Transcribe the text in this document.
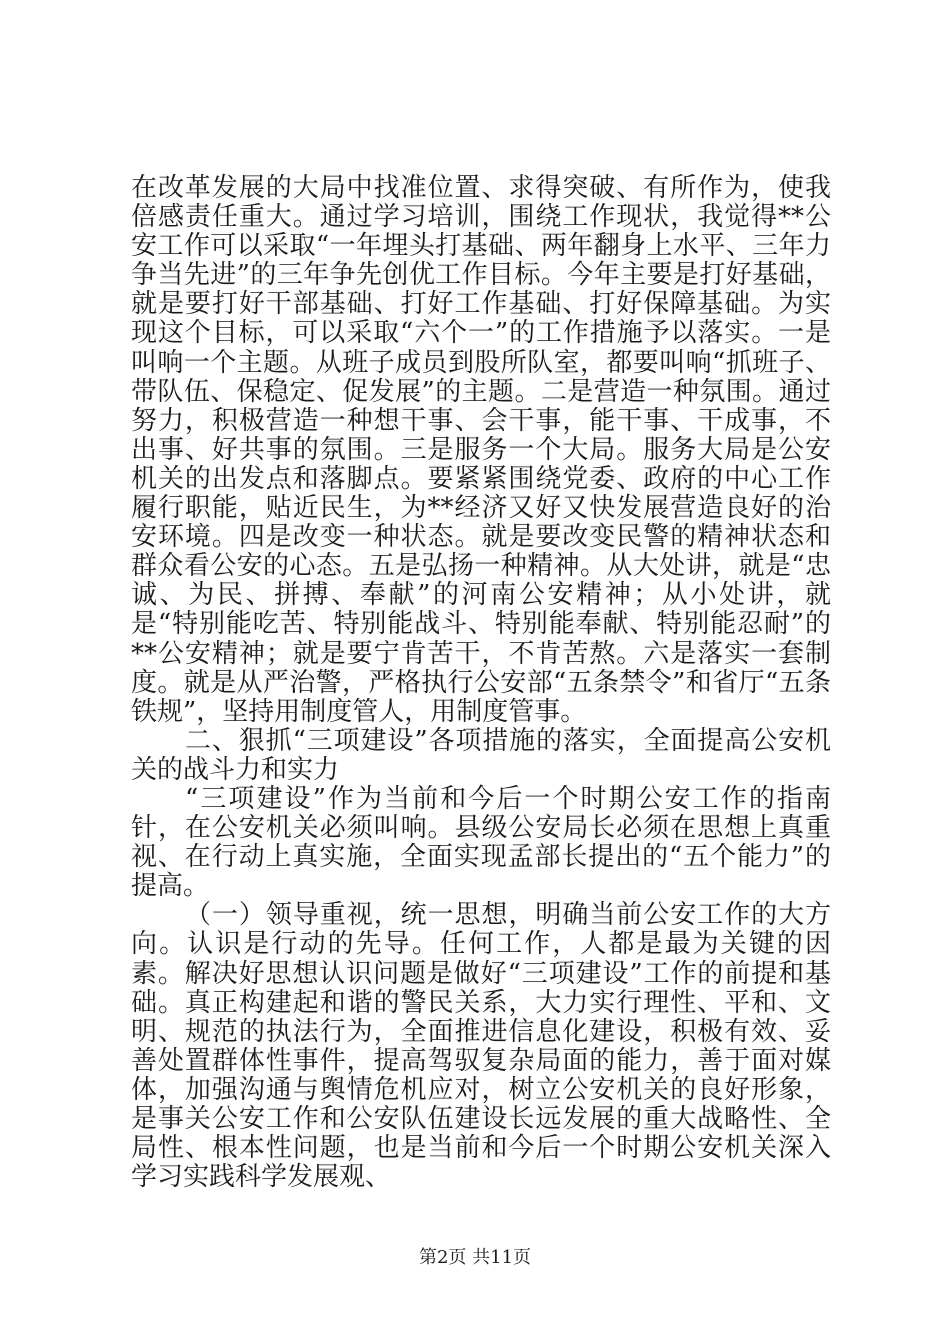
在改革发展的大局中找准位置、求得突破、有所作为，使我倍感责任重大。通过学习培训，围绕工作现状，我觉得**公安工作可以采取“一年埋头打基础、两年翻身上水平、三年力争当先进”的三年争先创优工作目标。今年主要是打好基础，就是要打好干部基础、打好工作基础、打好保障基础。为实现这个目标，可以采取“六个一”的工作措施予以落实。一是叫响一个主题。从班子成员到股所队室，都要叫响“抓班子、带队伍、保稳定、促发展”的主题。二是营造一种氛围。通过努力，积极营造一种想干事、会干事，能干事、干成事，不出事、好共事的氛围。三是服务一个大局。服务大局是公安机关的出发点和落脚点。要紧紧围绕党委、政府的中心工作履行职能，贴近民生，为**经济又好又快发展营造良好的治安环境。四是改变一种状态。就是要改变民警的精神状态和群众看公安的心态。五是弘扬一种精神。从大处讲，就是“忠诚、为民、拼搏、奉献”的河南公安精神；从小处讲，就是“特别能吃苦、特别能战斗、特别能奉献、特别能忍耐”的**公安精神；就是要宁肯苦干，不肯苦熬。六是落实一套制度。就是从严治警，严格执行公安部“五条禁令”和省厅“五条铁规”，坚持用制度管人，用制度管事。

二、狠抓“三项建设”各项措施的落实，全面提高公安机关的战斗力和实力

“三项建设”作为当前和今后一个时期公安工作的指南针，在公安机关必须叫响。县级公安局长必须在思想上真重视、在行动上真实施，全面实现孟部长提出的“五个能力”的提高。

（一）领导重视，统一思想，明确当前公安工作的大方向。认识是行动的先导。任何工作，人都是最为关键的因素。解决好思想认识问题是做好“三项建设”工作的前提和基础。真正构建起和谐的警民关系，大力实行理性、平和、文明、规范的执法行为，全面推进信息化建设，积极有效、妥善处置群体性事件，提高驾驭复杂局面的能力，善于面对媒体，加强沟通与舆情危机应对，树立公安机关的良好形象，是事关公安工作和公安队伍建设长远发展的重大战略性、全局性、根本性问题，也是当前和今后一个时期公安机关深入学习实践科学发展观、

第2页 共11页
